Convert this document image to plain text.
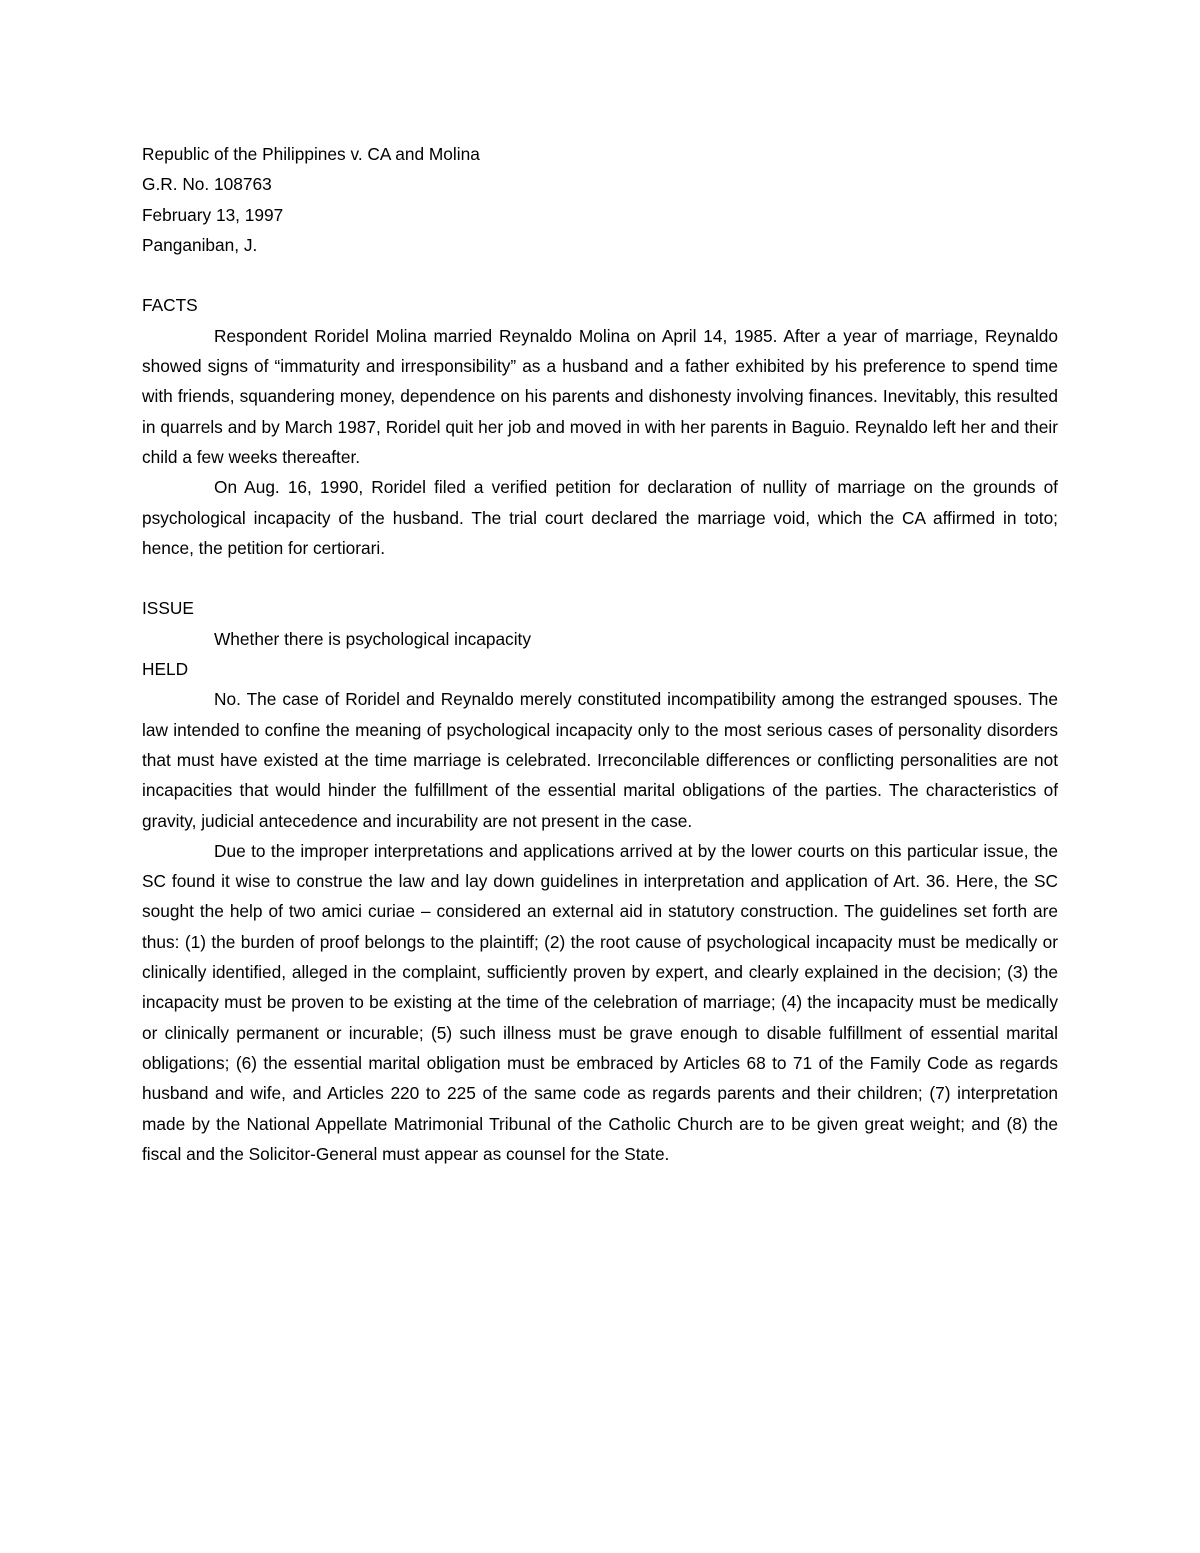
Republic of the Philippines v. CA and Molina

G.R. No. 108763

February 13, 1997

Panganiban, J.

FACTS

Respondent Roridel Molina married Reynaldo Molina on April 14, 1985. After a year of marriage, Reynaldo showed signs of “immaturity and irresponsibility” as a husband and a father exhibited by his preference to spend time with friends, squandering money, dependence on his parents and dishonesty involving finances. Inevitably, this resulted in quarrels and by March 1987, Roridel quit her job and moved in with her parents in Baguio. Reynaldo left her and their child a few weeks thereafter.

On Aug. 16, 1990, Roridel filed a verified petition for declaration of nullity of marriage on the grounds of psychological incapacity of the husband. The trial court declared the marriage void, which the CA affirmed in toto; hence, the petition for certiorari.

ISSUE

Whether there is psychological incapacity

HELD

No. The case of Roridel and Reynaldo merely constituted incompatibility among the estranged spouses. The law intended to confine the meaning of psychological incapacity only to the most serious cases of personality disorders that must have existed at the time marriage is celebrated. Irreconcilable differences or conflicting personalities are not incapacities that would hinder the fulfillment of the essential marital obligations of the parties. The characteristics of gravity, judicial antecedence and incurability are not present in the case.

Due to the improper interpretations and applications arrived at by the lower courts on this particular issue, the SC found it wise to construe the law and lay down guidelines in interpretation and application of Art. 36. Here, the SC sought the help of two amici curiae – considered an external aid in statutory construction. The guidelines set forth are thus: (1) the burden of proof belongs to the plaintiff; (2) the root cause of psychological incapacity must be medically or clinically identified, alleged in the complaint, sufficiently proven by expert, and clearly explained in the decision; (3) the incapacity must be proven to be existing at the time of the celebration of marriage; (4) the incapacity must be medically or clinically permanent or incurable; (5) such illness must be grave enough to disable fulfillment of essential marital obligations; (6) the essential marital obligation must be embraced by Articles 68 to 71 of the Family Code as regards husband and wife, and Articles 220 to 225 of the same code as regards parents and their children; (7) interpretation made by the National Appellate Matrimonial Tribunal of the Catholic Church are to be given great weight; and (8) the fiscal and the Solicitor-General must appear as counsel for the State.
